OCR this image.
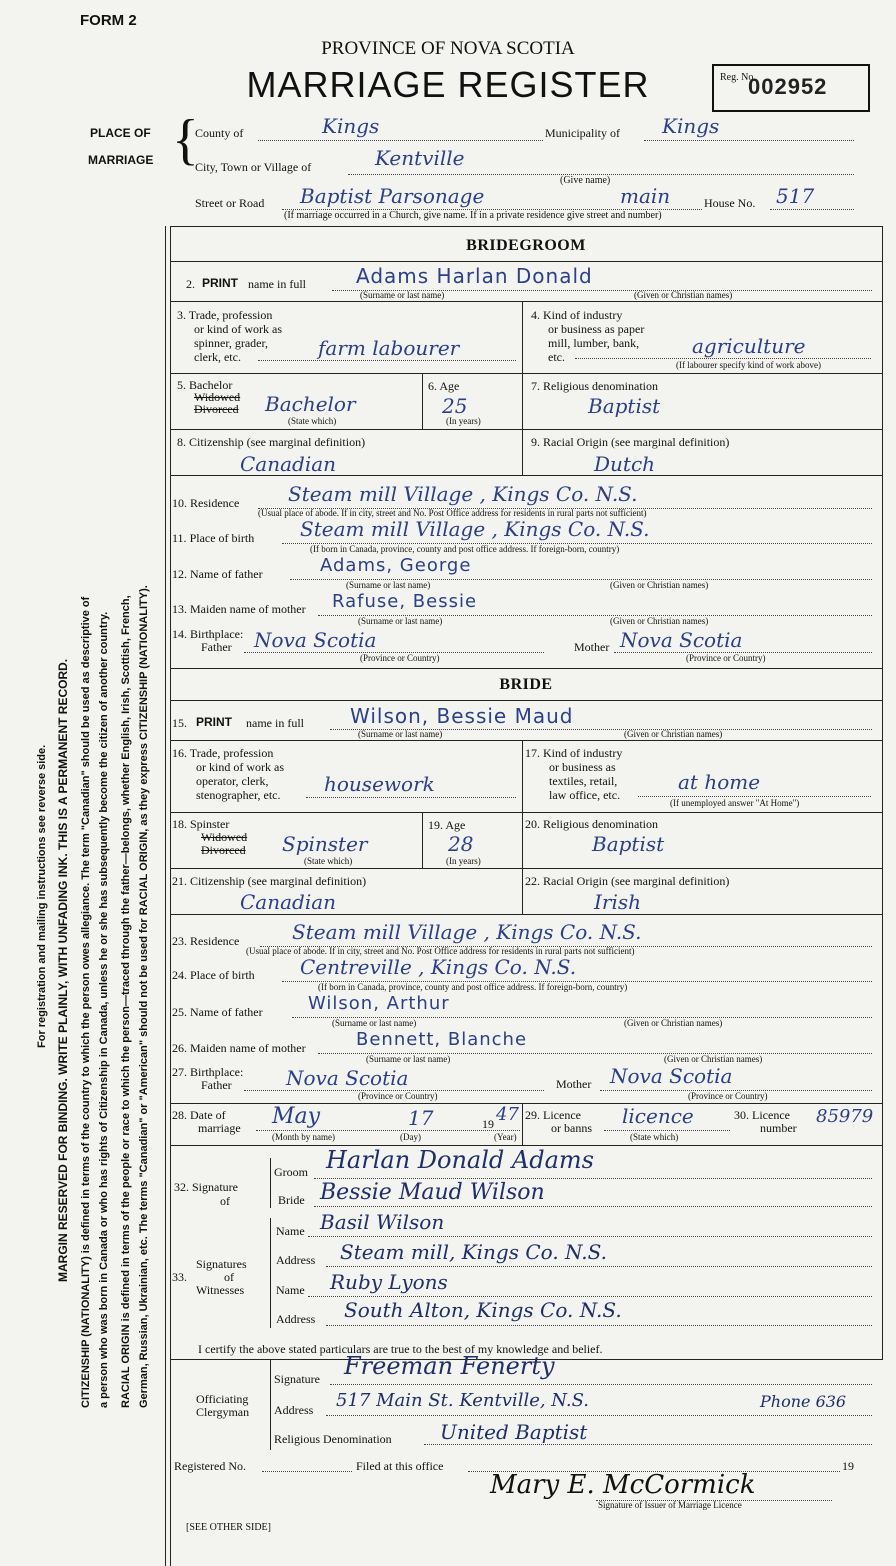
FORM 2
PROVINCE OF NOVA SCOTIA
MARRIAGE REGISTER	Reg. No.
002952
For registration and mailing instructions see reverse side. MARGIN RESERVED FOR BINDING. WRITE PLAINLY, WITH UNFADING INK. THIS IS A PERMANENT RECORD. CITIZENSHIP (NATIONALITY) is defined in terms of the country to which the person owes allegiance. The term "Canadian" should be used as descriptive of a person who was born in Canada or who has rights of Citizenship in Canada, unless he or she has subsequently become the citizen of another country. RACIAL ORIGIN is defined in terms of the people or race to which the person—traced through the father—belongs, whether English, Irish, Scottish, French, German, Russian, Ukrainian, etc. The terms "Canadian" or "American" should not be used for RACIAL ORIGIN, as they express CITIZENSHIP (NATIONALITY).
PLACE OF
MARRIAGE {
County of	Kings	Municipality of Kings
City, Town or Village of	Kentville
(Give name)
Street or Road Baptist Parsonage	main	House No. 517
(If marriage occurred in a Church, give name. If in a private residence give street and number)
BRIDEGROOM
2. PRINT name in full	Adams Harlan Donald
(Surname or last name)	(Given or Christian names)
3. Trade, profession
or kind of work as
spinner, grader,
clerk, etc.	farm labourer
4. Kind of industry
or business as paper
mill, lumber, bank,
etc.	agriculture
(If labourer specify kind of work above)
5. Bachelor
Widowed
Divorced Bachelor
(State which)
6. Age
25
(In years)
7. Religious denomination
Baptist
8. Citizenship (see marginal definition)
Canadian
9. Racial Origin (see marginal definition)
Dutch
10. Residence Steam mill Village , Kings Co. N.S.
(Usual place of abode. If in city, street and No. Post Office address for residents in rural parts not sufficient)
11. Place of birth Steam mill Village , Kings Co. N.S.
(If born in Canada, province, county and post office address. If foreign-born, country)
12. Name of father	Adams, George
(Surname or last name)	(Given or Christian names)
13. Maiden name of mother Rafuse, Bessie
(Surname or last name)	(Given or Christian names)
14. Birthplace:
Father	Nova Scotia
(Province or Country)
Mother Nova Scotia
(Province or Country)
BRIDE
15. PRINT name in full Wilson, Bessie Maud
(Surname or last name)	(Given or Christian names)
16. Trade, profession
or kind of work as
operator, clerk,
stenographer, etc. housework
17. Kind of industry
or business as
textiles, retail,
law office, etc.
at home
(If unemployed answer "At Home")
18. Spinster
Widowed
Divorced Spinster
(State which)
19. Age
28
(In years)
20. Religious denomination
Baptist
21. Citizenship (see marginal definition)
Canadian
22. Racial Origin (see marginal definition)
Irish
23. Residence	Steam mill Village , Kings Co. N.S.
(Usual place of abode. If in city, street and No. Post Office address for residents in rural parts not sufficient)
24. Place of birth Centreville , Kings Co. N.S.
(If born in Canada, province, county and post office address. If foreign-born, country)
25. Name of father	Wilson, Arthur
(Surname or last name)	(Given or Christian names)
26. Maiden name of mother	Bennett, Blanche
(Surname or last name)	(Given or Christian names)
27. Birthplace:
Father	Nova Scotia
(Province or Country)
Mother Nova Scotia
(Province or Country)
28. Date of
marriage May	17	19 47
(Month by name)	(Day)	(Year)
29. Licence
or banns licence
(State which)
30. Licence
number
85979
32. Signature
of
Groom Harlan Donald Adams
Bride Bessie Maud Wilson
Signatures
33.	of
Witnesses
Name Basil Wilson
Address Steam mill, Kings Co. N.S.
Name Ruby Lyons
Address South Alton, Kings Co. N.S.
I certify the above stated particulars are true to the best of my knowledge and belief.
Officiating
Clergyman
Signature Freeman Fenerty
Address 517 Main St. Kentville, N.S.	Phone 636
Religious Denomination United Baptist
Registered No.	Filed at this office	19
Mary E. McCormick
Signature of Issuer of Marriage Licence
[SEE OTHER SIDE]
